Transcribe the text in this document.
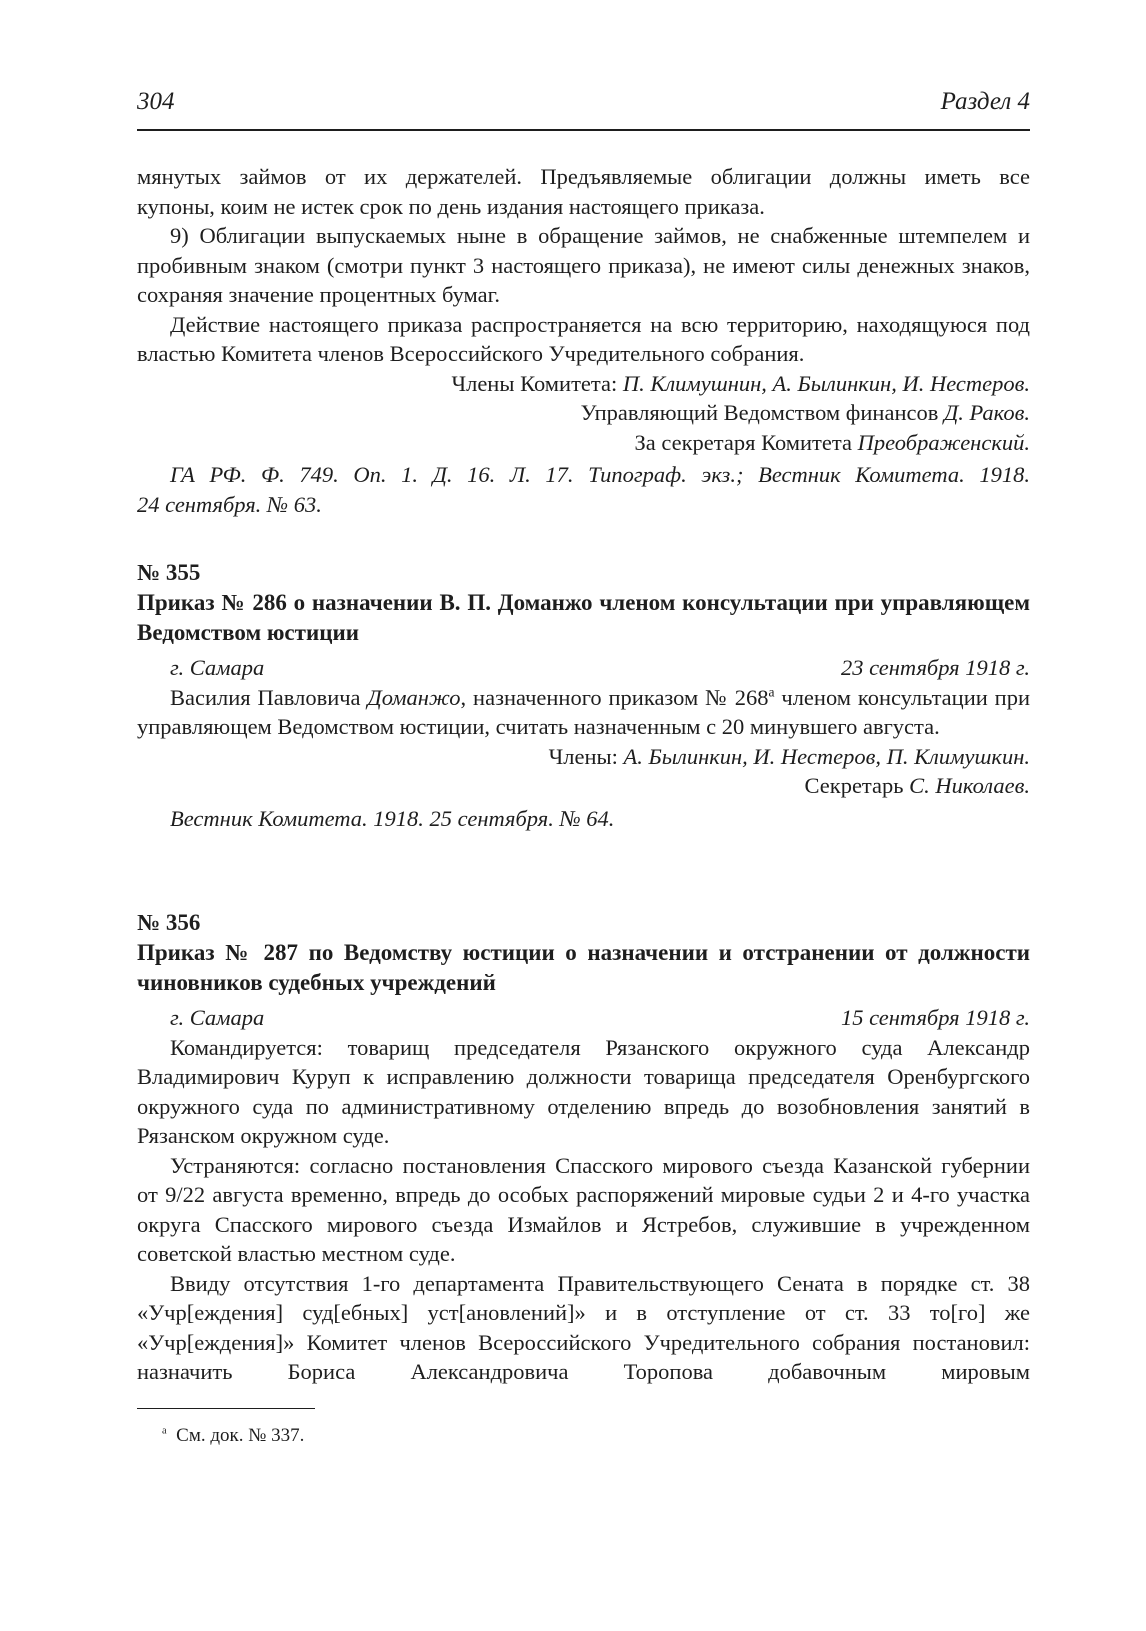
304	Раздел 4

мянутых займов от их держателей. Предъявляемые облигации должны иметь все

купоны, коим не истек срок по день издания настоящего приказа.

9) Облигации выпускаемых ныне в обращение займов, не снабженные штемпелем и пробивным знаком (смотри пункт 3 настоящего приказа), не имеют силы денежных знаков, сохраняя значение процентных бумаг.

Действие настоящего приказа распространяется на всю территорию, находящуюся под властью Комитета членов Всероссийского Учредительного собрания.

Члены Комитета: П. Климушнин, А. Былинкин, И. Нестеров.
Управляющий Ведомством финансов Д. Раков.
За секретаря Комитета Преображенский.
ГА РФ. Ф. 749. Оп. 1. Д. 16. Л. 17. Типограф. экз.; Вестник Комитета. 1918.
24 сентября. № 63.
№ 355
Приказ № 286 о назначении В. П. Доманжо членом консультации при управляющем Ведомством юстиции
г. Самара	23 сентября 1918 г.

Василия Павловича Доманжо, назначенного приказом № $268^а$ членом консультации при управляющем Ведомством юстиции, считать назначенным с 20 минувшего августа.

Члены: А. Былинкин, И. Нестеров, П. Климушкин.
Секретарь С. Николаев.
Вестник Комитета. 1918. 25 сентября. № 64.
№ 356
Приказ № 287 по Ведомству юстиции о назначении и отстранении от должности чиновников судебных учреждений
г. Самара	15 сентября 1918 г.

Командируется: товарищ председателя Рязанского окружного суда Александр Владимирович Куруп к исправлению должности товарища председателя Оренбургского окружного суда по административному отделению впредь до возобновления занятий в Рязанском окружном суде.

Устраняются: согласно постановления Спасского мирового съезда Казанской губернии от 9/22 августа временно, впредь до особых распоряжений мировые судьи 2 и 4-го участка округа Спасского мирового съезда Измайлов и Ястребов, служившие в учрежденном советской властью местном суде.

Ввиду отсутствия 1-го департамента Правительствующего Сената в порядке ст. 38 «Учр[еждения] суд[ебных] уст[ановлений]» и в отступление от ст. 33 то[го] же «Учр[еждения]» Комитет членов Всероссийского Учредительного собрания постановил: назначить Бориса Александровича Торопова добавочным мировым

$^а$ См. док. № 337.
